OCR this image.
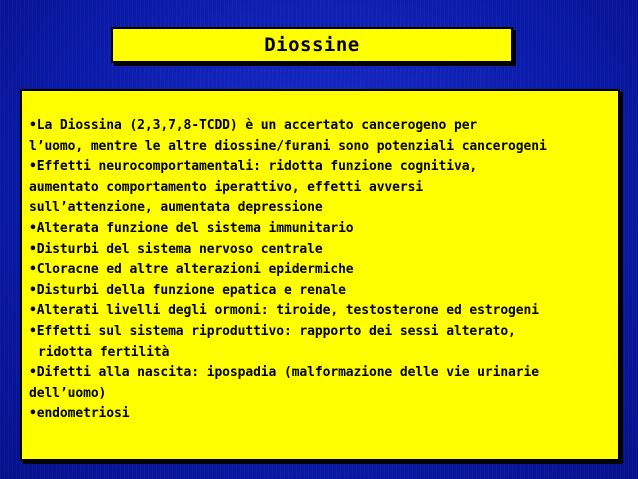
Diossine
•La Diossina (2,3,7,8-TCDD) è un accertato cancerogeno per
l’uomo, mentre le altre diossine/furani sono potenziali cancerogeni
•Effetti neurocomportamentali: ridotta funzione cognitiva,
aumentato comportamento iperattivo, effetti avversi
sull’attenzione, aumentata depressione
•Alterata funzione del sistema immunitario
•Disturbi del sistema nervoso centrale
•Cloracne ed altre alterazioni epidermiche
•Disturbi della funzione epatica e renale
•Alterati livelli degli ormoni: tiroide, testosterone ed estrogeni
•Effetti sul sistema riproduttivo: rapporto dei sessi alterato,
ridotta fertilità
•Difetti alla nascita: ipospadia (malformazione delle vie urinarie
dell’uomo)
•endometriosi
